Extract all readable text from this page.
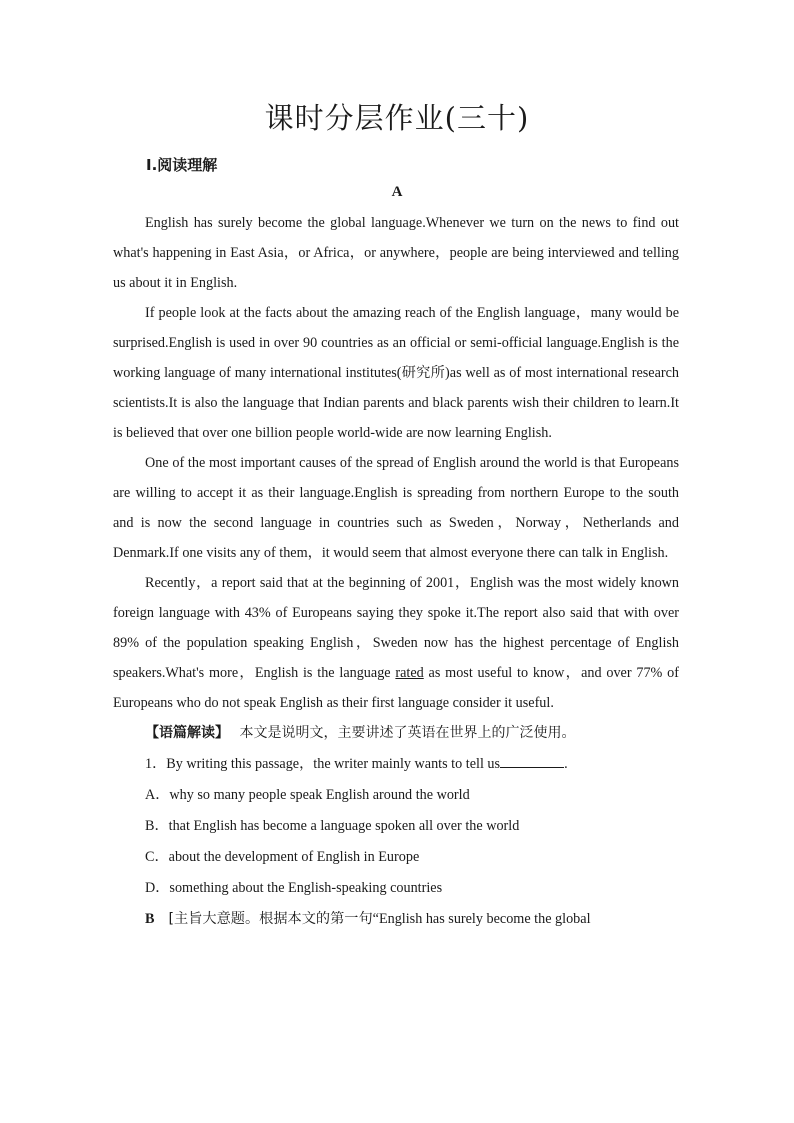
课时分层作业(三十)
Ⅰ.阅读理解
A

English has surely become the global language.Whenever we turn on the news to find out what's happening in East Asia，or Africa，or anywhere，people are being interviewed and telling us about it in English.

If people look at the facts about the amazing reach of the English language，many would be surprised.English is used in over 90 countries as an official or semi-official language.English is the working language of many international institutes(研究所)as well as of most international research scientists.It is also the language that Indian parents and black parents wish their children to learn.It is believed that over one billion people world-wide are now learning English.

One of the most important causes of the spread of English around the world is that Europeans are willing to accept it as their language.English is spreading from northern Europe to the south and is now the second language in countries such as Sweden，Norway，Netherlands and Denmark.If one visits any of them，it would seem that almost everyone there can talk in English.

Recently，a report said that at the beginning of 2001，English was the most widely known foreign language with 43% of Europeans saying they spoke it.The report also said that with over 89% of the population speaking English，Sweden now has the highest percentage of English speakers.What's more，English is the language rated as most useful to know，and over 77% of Europeans who do not speak English as their first language consider it useful.

【语篇解读】 本文是说明文，主要讲述了英语在世界上的广泛使用。

1．By writing this passage，the writer mainly wants to tell us	.

A．why so many people speak English around the world

B．that English has become a language spoken all over the world

C．about the development of English in Europe

D．something about the English-speaking countries

B [主旨大意题。根据本文的第一句“English has surely become the global
